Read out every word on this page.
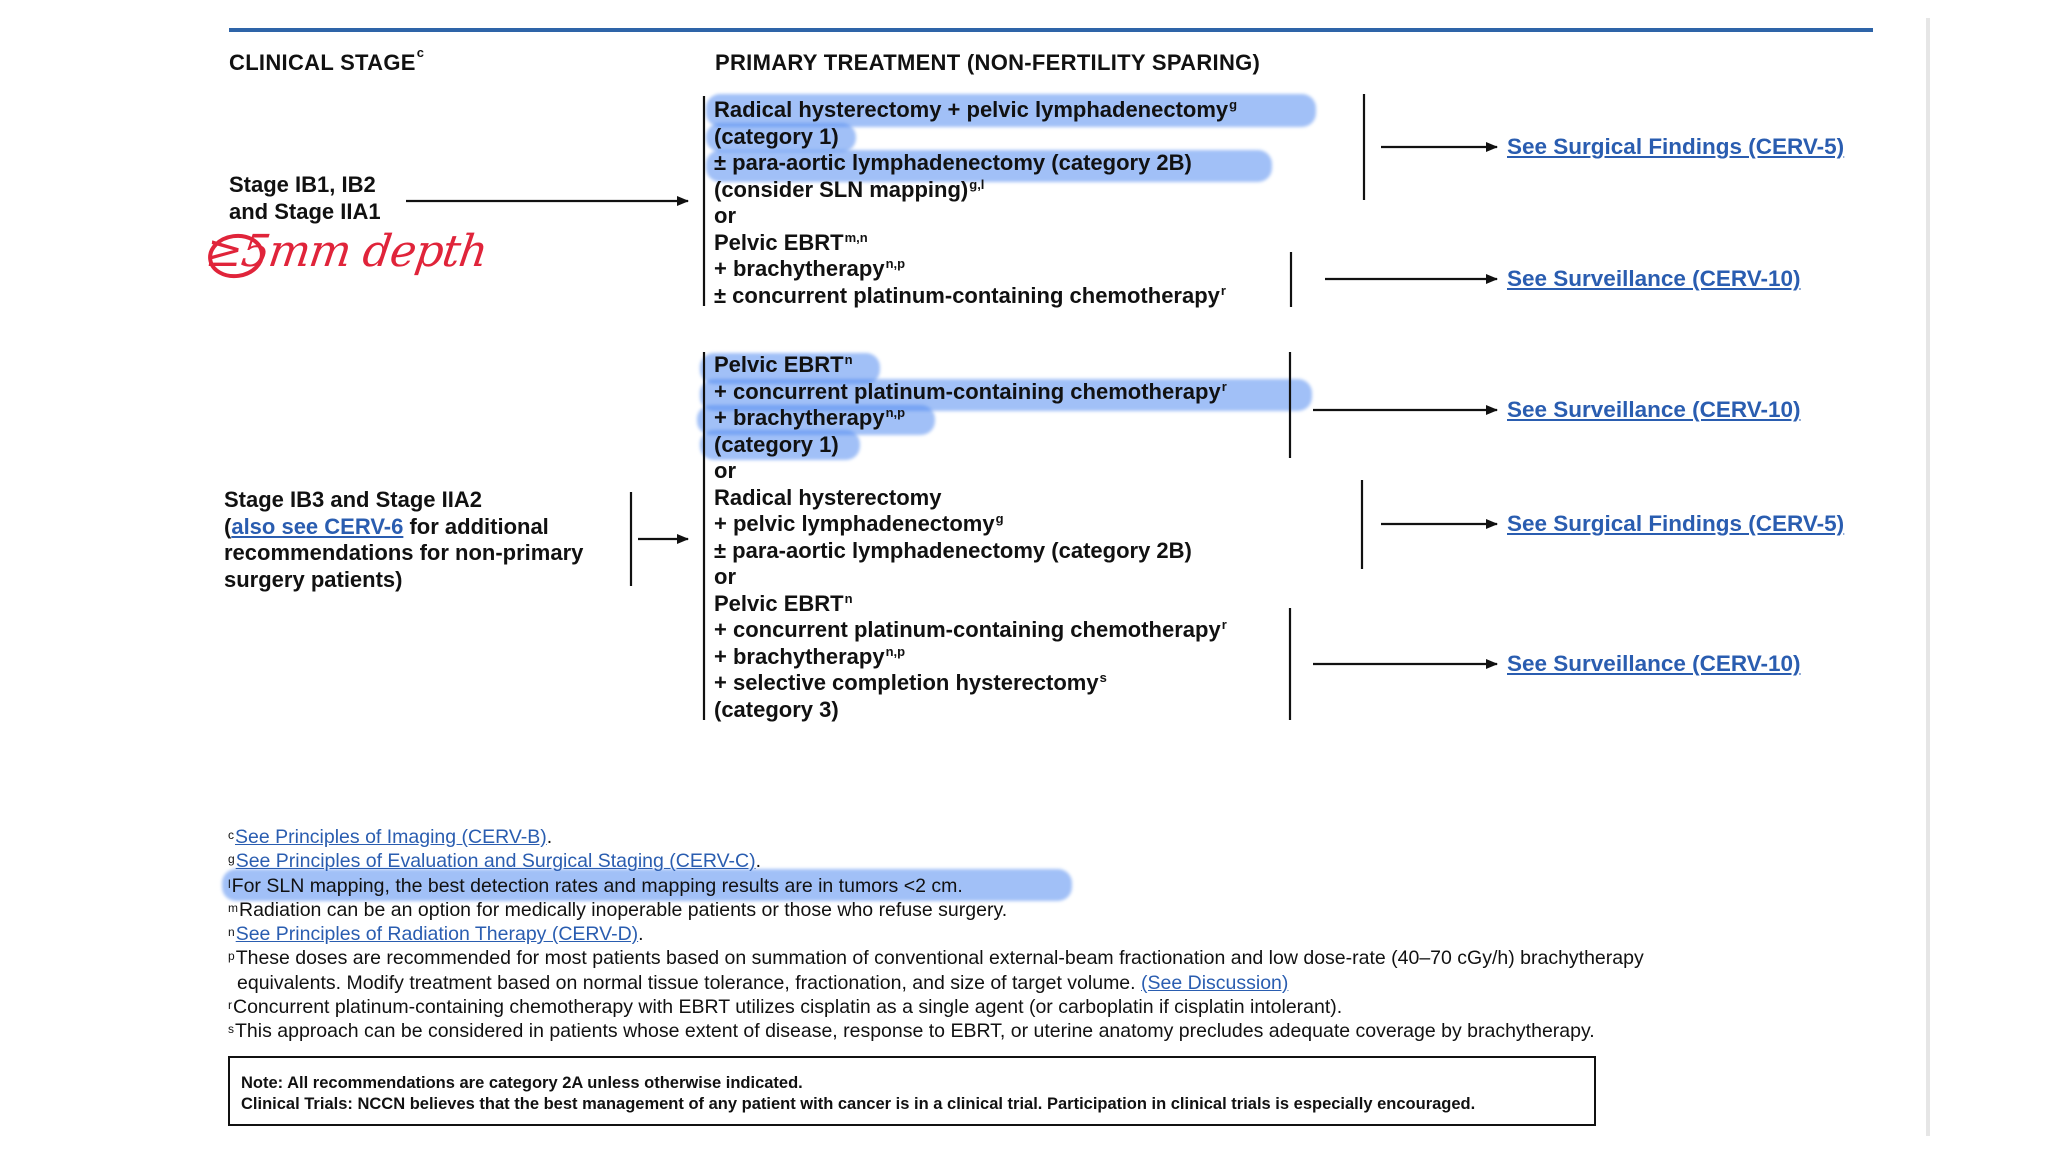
CLINICAL STAGE$^c$	PRIMARY TREATMENT (NON-FERTILITY SPARING)
Stage IB1, IB2
and Stage IIA1
≥5mm depth
Radical hysterectomy + pelvic lymphadenectomy$^g$
(category 1)
± para-aortic lymphadenectomy (category 2B)
(consider SLN mapping)$^{g,l}$
or
Pelvic EBRT$^{m,n}$
+ brachytherapy$^{n,p}$
± concurrent platinum-containing chemotherapy$^r$
Stage IB3 and Stage IIA2
(also see CERV-6 for additional
recommendations for non-primary
surgery patients)
Pelvic $EBRT^n$
+ concurrent platinum-containing chemotherapy$^r$
+ brachytherapy$^{n,p}$
(category 1)
or
Radical hysterectomy
+ pelvic lymphadenectomy$^g$
± para-aortic lymphadenectomy (category 2B)
or
Pelvic $EBRT^n$
+ concurrent platinum-containing chemotherapy$^r$
+ brachytherapy$^{n,p}$
+ selective completion hysterectomy$^s$
(category 3)
See Surgical Findings (CERV-5)
See Surveillance (CERV-10)
See Surveillance (CERV-10)
See Surgical Findings (CERV-5)
See Surveillance (CERV-10)
$^c$See Principles of Imaging (CERV-B).
$^g$See Principles of Evaluation and Surgical Staging (CERV-C).
$^l$For SLN mapping, the best detection rates and mapping results are in tumors <2 cm.
$^m$Radiation can be an option for medically inoperable patients or those who refuse surgery.
$^n$See Principles of Radiation Therapy (CERV-D).
$^p$These doses are recommended for most patients based on summation of conventional external-beam fractionation and low dose-rate (40–70 cGy/h) brachytherapy
equivalents. Modify treatment based on normal tissue tolerance, fractionation, and size of target volume. (See Discussion)
$^r$Concurrent platinum-containing chemotherapy with EBRT utilizes cisplatin as a single agent (or carboplatin if cisplatin intolerant).
$^s$This approach can be considered in patients whose extent of disease, response to EBRT, or uterine anatomy precludes adequate coverage by brachytherapy.
Note: All recommendations are category 2A unless otherwise indicated.
Clinical Trials: NCCN believes that the best management of any patient with cancer is in a clinical trial. Participation in clinical trials is especially encouraged.
